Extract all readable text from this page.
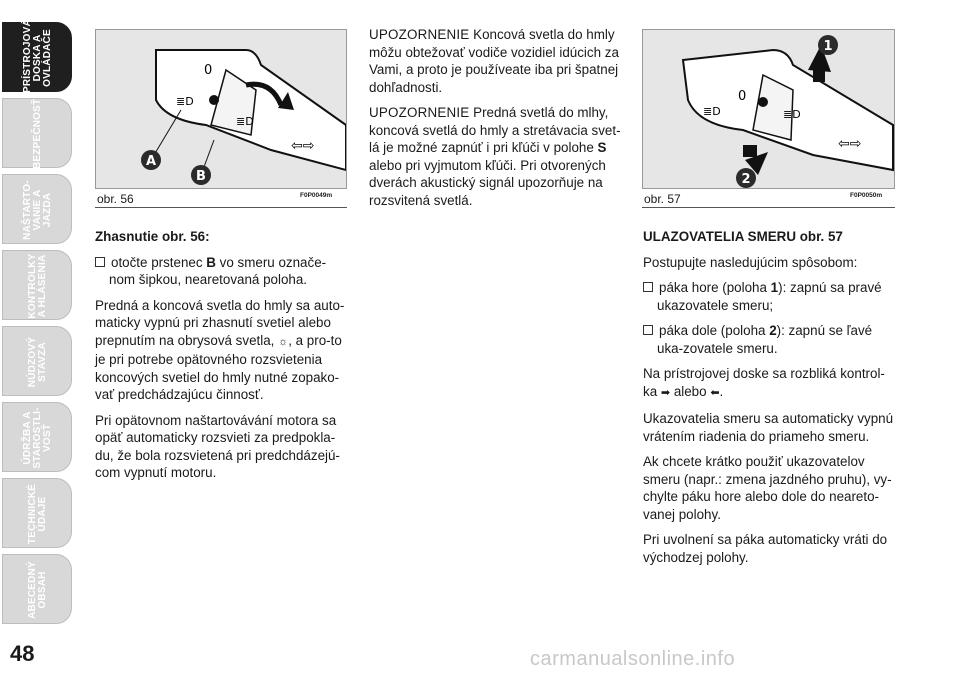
PRÍSTROJOVÁ
DOSKA A
OVLÁDAČE
BEZPEČNOSŤ
NAŠTARTO-
VANIE A
JAZDA
KONTROLKY
A HLÁSENIA
NÚDZOVÝ
STAVZA
ÚDRŽBA A
STAROSTLI-
VOSŤ
TECHNICKÉ
ÚDAJE
ABECEDNÝ
OBSAH
48
0
≣D
≣D
⇦⇨
A
B
obr. 56	F0P0049m

Zhasnutie obr. 56:

otočte prstenec B vo smeru označe-nom šipkou, nearetovaná poloha.

Predná a koncová svetla do hmly sa auto-maticky vypnú pri zhasnutí svetiel alebo prepnutím na obrysová svetla, ☼, a pro-to je pri potrebe opätovného rozsvietenia koncových svetiel do hmly nutné zopako-vať predchádzajúcu činnosť.

Pri opätovnom naštartovávání motora sa opäť automaticky rozsvieti za predpokla-du, že bola rozsvietená pri predchdázejú-com vypnutí motoru.

UPOZORNENIE Koncová svetla do hmly môžu obtežovať vodiče vozidiel idúcich za Vami, a proto je používeate iba pri špatnej dohľadnosti.

UPOZORNENIE Predná svetlá do mlhy, koncová svetlá do hmly a stretávacia svet-lá je možné zapnúť i pri kľúči v polohe S alebo pri vyjmutom kľúči. Pri otvorených dverách akustický signál upozorňuje na rozsvitená svetlá.

0
≣D	≣D
⇦⇨
1
2
obr. 57	F0P0050m

ULAZOVATELIA SMERU obr. 57

Postupujte nasledujúcim spôsobom:

páka hore (poloha 1): zapnú sa pravé ukazovatele smeru;

páka dole (poloha 2): zapnú se ľavé uka-zovatele smeru.

Na prístrojovej doske sa rozbliká kontrol-ka ➡ alebo ⬅.

Ukazovatelia smeru sa automaticky vypnú vrátením riadenia do priameho smeru.

Ak chcete krátko použiť ukazovatelov smeru (napr.: zmena jazdného pruhu), vy-chylte páku hore alebo dole do neareto-vanej polohy.

Pri uvolnení sa páka automaticky vráti do východzej polohy.

carmanualsonline.info
